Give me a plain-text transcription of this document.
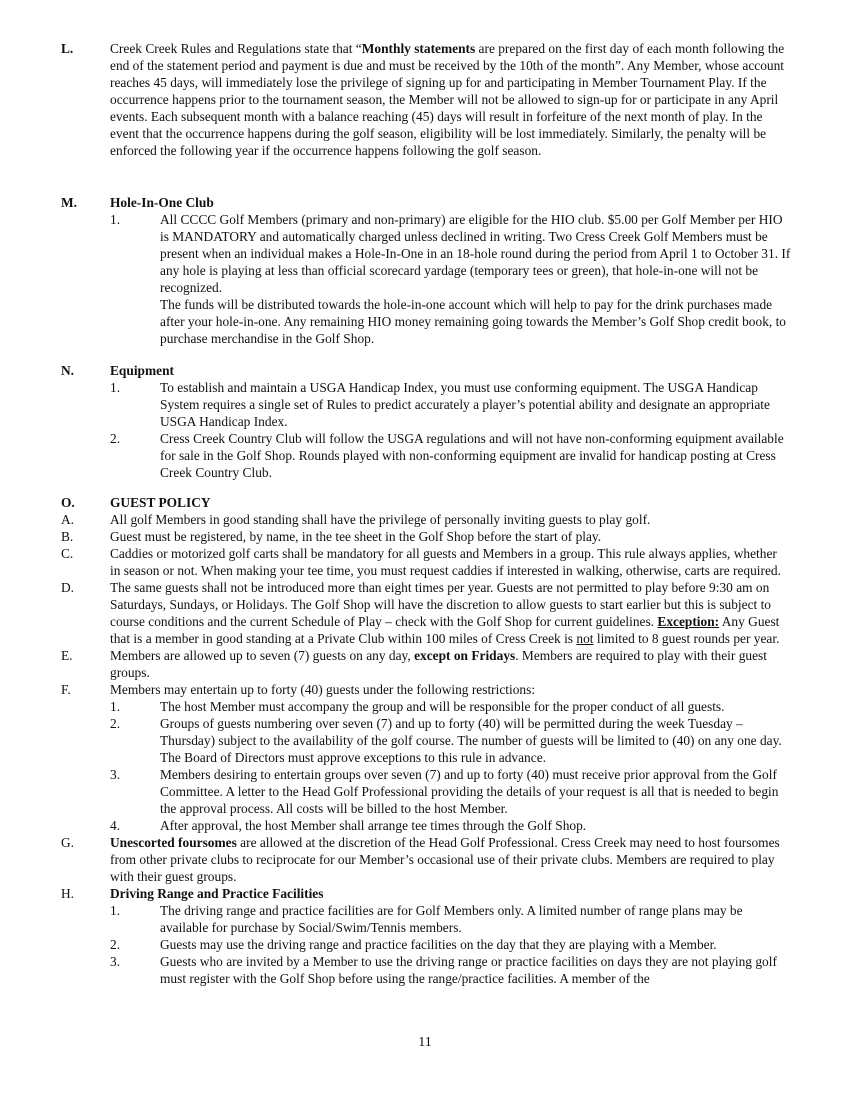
L.	Creek Creek Rules and Regulations state that “Monthly statements are prepared on the first day of each month following the end of the statement period and payment is due and must be received by the 10th of the month”. Any Member, whose account reaches 45 days, will immediately lose the privilege of signing up for and participating in Member Tournament Play. If the occurrence happens prior to the tournament season, the Member will not be allowed to sign-up for or participate in any April events. Each subsequent month with a balance reaching (45) days will result in forfeiture of the next month of play. In the event that the occurrence happens during the golf season, eligibility will be lost immediately. Similarly, the penalty will be enforced the following year if the occurrence happens following the golf season.
M. Hole-In-One Club
1.	All CCCC Golf Members (primary and non-primary) are eligible for the HIO club. $5.00 per Golf Member per HIO is MANDATORY and automatically charged unless declined in writing. Two Cress Creek Golf Members must be present when an individual makes a Hole-In-One in an 18-hole round during the period from April 1 to October 31. If any hole is playing at less than official scorecard yardage (temporary tees or green), that hole-in-one will not be recognized.
The funds will be distributed towards the hole-in-one account which will help to pay for the drink purchases made after your hole-in-one. Any remaining HIO money remaining going towards the Member’s Golf Shop credit book, to purchase merchandise in the Golf Shop.
N.	Equipment
1.	To establish and maintain a USGA Handicap Index, you must use conforming equipment. The USGA Handicap System requires a single set of Rules to predict accurately a player’s potential ability and designate an appropriate USGA Handicap Index.
2.	Cress Creek Country Club will follow the USGA regulations and will not have non-conforming equipment available for sale in the Golf Shop. Rounds played with non-conforming equipment are invalid for handicap posting at Cress Creek Country Club.
O.	GUEST POLICY
A.	All golf Members in good standing shall have the privilege of personally inviting guests to play golf.
B.	Guest must be registered, by name, in the tee sheet in the Golf Shop before the start of play.
C.	Caddies or motorized golf carts shall be mandatory for all guests and Members in a group. This rule always applies, whether in season or not. When making your tee time, you must request caddies if interested in walking, otherwise, carts are required.
D.	The same guests shall not be introduced more than eight times per year. Guests are not permitted to play before 9:30 am on Saturdays, Sundays, or Holidays. The Golf Shop will have the discretion to allow guests to start earlier but this is subject to course conditions and the current Schedule of Play – check with the Golf Shop for current guidelines. Exception: Any Guest that is a member in good standing at a Private Club within 100 miles of Cress Creek is not limited to 8 guest rounds per year.
E.	Members are allowed up to seven (7) guests on any day, except on Fridays. Members are required to play with their guest groups.
F.	Members may entertain up to forty (40) guests under the following restrictions:
1.	The host Member must accompany the group and will be responsible for the proper conduct of all guests.
2.	Groups of guests numbering over seven (7) and up to forty (40) will be permitted during the week Tuesday – Thursday) subject to the availability of the golf course. The number of guests will be limited to (40) on any one day. The Board of Directors must approve exceptions to this rule in advance.
3.	Members desiring to entertain groups over seven (7) and up to forty (40) must receive prior approval from the Golf Committee. A letter to the Head Golf Professional providing the details of your request is all that is needed to begin the approval process. All costs will be billed to the host Member.
4.	After approval, the host Member shall arrange tee times through the Golf Shop.
G.	Unescorted foursomes are allowed at the discretion of the Head Golf Professional. Cress Creek may need to host foursomes from other private clubs to reciprocate for our Member’s occasional use of their private clubs. Members are required to play with their guest groups.
H.	Driving Range and Practice Facilities
1.	The driving range and practice facilities are for Golf Members only. A limited number of range plans may be available for purchase by Social/Swim/Tennis members.
2.	Guests may use the driving range and practice facilities on the day that they are playing with a Member.
3.	Guests who are invited by a Member to use the driving range or practice facilities on days they are not playing golf must register with the Golf Shop before using the range/practice facilities. A member of the
11
